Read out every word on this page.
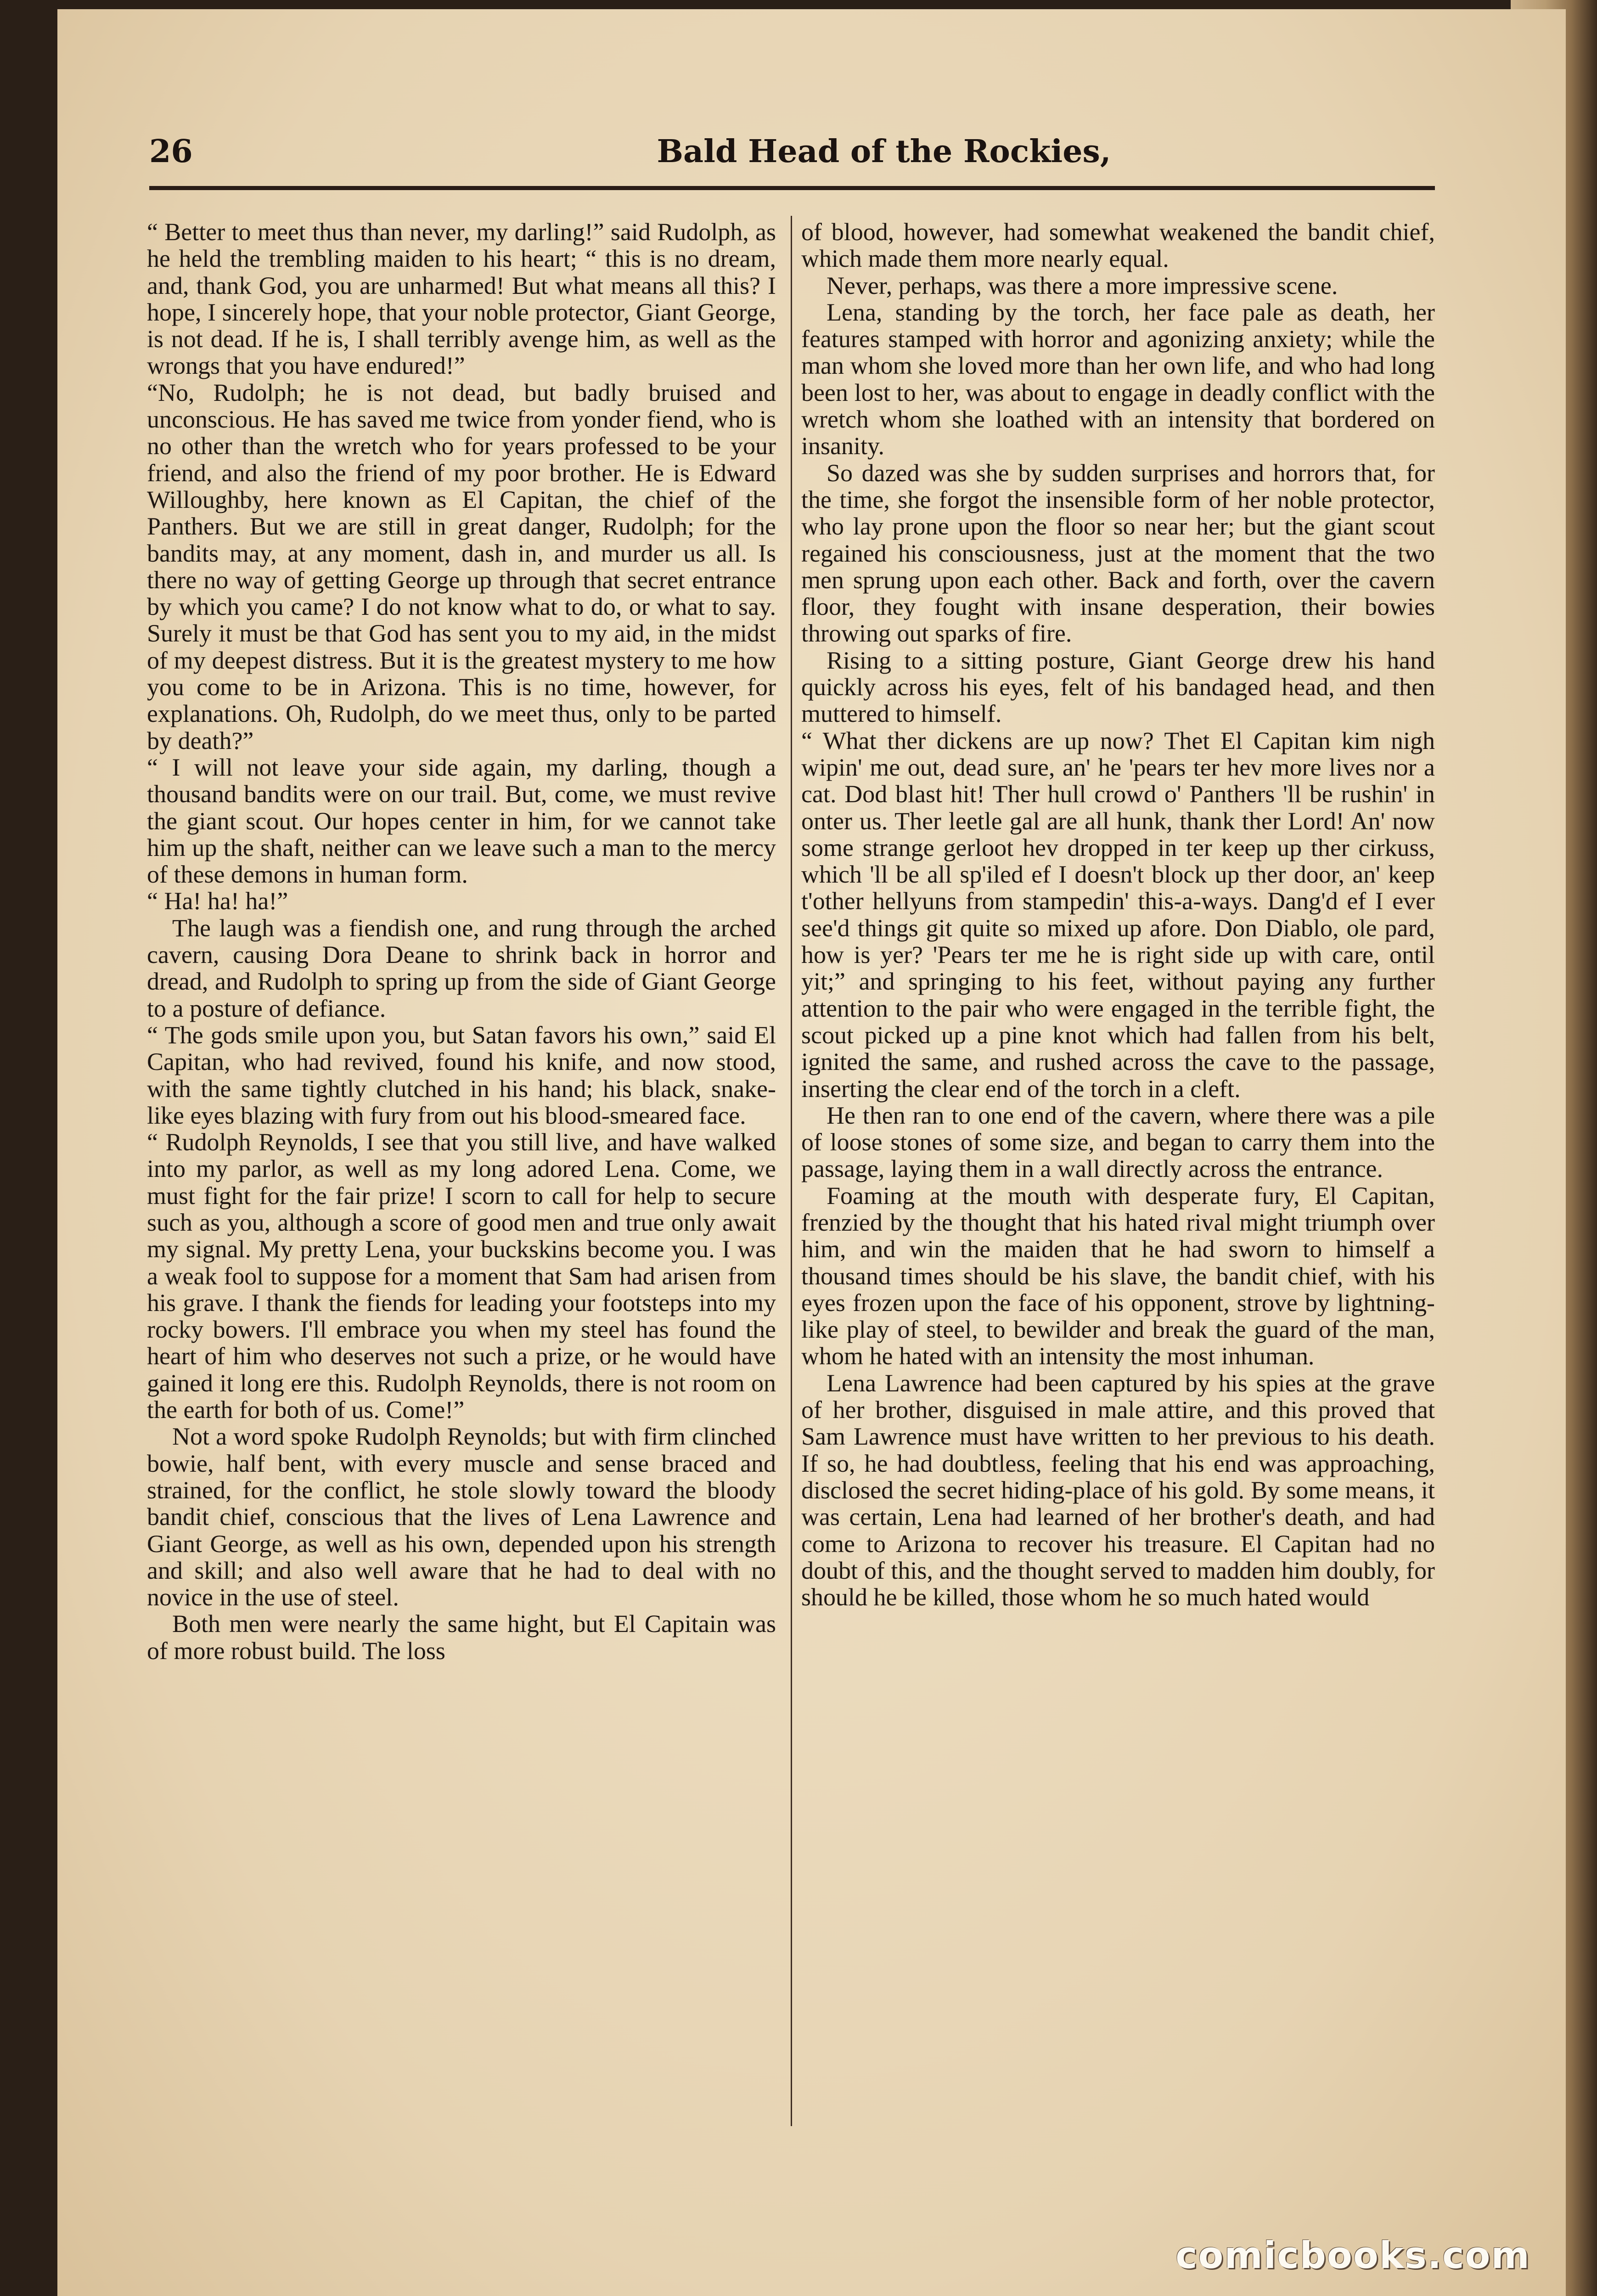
26	Bald Head of the Rockies,

“ Better to meet thus than never, my darling!” said Rudolph, as he held the trembling maiden to his heart; “ this is no dream, and, thank God, you are unharmed! But what means all this? I hope, I sincerely hope, that your noble protector, Giant George, is not dead. If he is, I shall terribly avenge him, as well as the wrongs that you have endured!”

“No, Rudolph; he is not dead, but badly bruised and unconscious. He has saved me twice from yonder fiend, who is no other than the wretch who for years professed to be your friend, and also the friend of my poor brother. He is Edward Willoughby, here known as El Capitan, the chief of the Panthers. But we are still in great danger, Rudolph; for the bandits may, at any moment, dash in, and murder us all. Is there no way of getting George up through that secret entrance by which you came? I do not know what to do, or what to say. Surely it must be that God has sent you to my aid, in the midst of my deepest distress. But it is the greatest mystery to me how you come to be in Arizona. This is no time, however, for explanations. Oh, Rudolph, do we meet thus, only to be parted by death?”

“ I will not leave your side again, my darling, though a thousand bandits were on our trail. But, come, we must revive the giant scout. Our hopes center in him, for we cannot take him up the shaft, neither can we leave such a man to the mercy of these demons in human form.

“ Ha! ha! ha!”

The laugh was a fiendish one, and rung through the arched cavern, causing Dora Deane to shrink back in horror and dread, and Rudolph to spring up from the side of Giant George to a posture of defiance.

“ The gods smile upon you, but Satan favors his own,” said El Capitan, who had revived, found his knife, and now stood, with the same tightly clutched in his hand; his black, snake-like eyes blazing with fury from out his blood-smeared face.

“ Rudolph Reynolds, I see that you still live, and have walked into my parlor, as well as my long adored Lena. Come, we must fight for the fair prize! I scorn to call for help to secure such as you, although a score of good men and true only await my signal. My pretty Lena, your buckskins become you. I was a weak fool to suppose for a moment that Sam had arisen from his grave. I thank the fiends for leading your footsteps into my rocky bowers. I'll embrace you when my steel has found the heart of him who deserves not such a prize, or he would have gained it long ere this. Rudolph Reynolds, there is not room on the earth for both of us. Come!”

Not a word spoke Rudolph Reynolds; but with firm clinched bowie, half bent, with every muscle and sense braced and strained, for the conflict, he stole slowly toward the bloody bandit chief, conscious that the lives of Lena Lawrence and Giant George, as well as his own, depended upon his strength and skill; and also well aware that he had to deal with no novice in the use of steel.

Both men were nearly the same hight, but El Capitain was of more robust build. The loss

of blood, however, had somewhat weakened the bandit chief, which made them more nearly equal.

Never, perhaps, was there a more impressive scene.

Lena, standing by the torch, her face pale as death, her features stamped with horror and agonizing anxiety; while the man whom she loved more than her own life, and who had long been lost to her, was about to engage in deadly conflict with the wretch whom she loathed with an intensity that bordered on insanity.

So dazed was she by sudden surprises and horrors that, for the time, she forgot the insensible form of her noble protector, who lay prone upon the floor so near her; but the giant scout regained his consciousness, just at the moment that the two men sprung upon each other. Back and forth, over the cavern floor, they fought with insane desperation, their bowies throwing out sparks of fire.

Rising to a sitting posture, Giant George drew his hand quickly across his eyes, felt of his bandaged head, and then muttered to himself.

“ What ther dickens are up now? Thet El Capitan kim nigh wipin' me out, dead sure, an' he 'pears ter hev more lives nor a cat. Dod blast hit! Ther hull crowd o' Panthers 'll be rushin' in onter us. Ther leetle gal are all hunk, thank ther Lord! An' now some strange gerloot hev dropped in ter keep up ther cirkuss, which 'll be all sp'iled ef I doesn't block up ther door, an' keep t'other hellyuns from stampedin' this-a-ways. Dang'd ef I ever see'd things git quite so mixed up afore. Don Diablo, ole pard, how is yer? 'Pears ter me he is right side up with care, ontil yit;” and springing to his feet, without paying any further attention to the pair who were engaged in the terrible fight, the scout picked up a pine knot which had fallen from his belt, ignited the same, and rushed across the cave to the passage, inserting the clear end of the torch in a cleft.

He then ran to one end of the cavern, where there was a pile of loose stones of some size, and began to carry them into the passage, laying them in a wall directly across the entrance.

Foaming at the mouth with desperate fury, El Capitan, frenzied by the thought that his hated rival might triumph over him, and win the maiden that he had sworn to himself a thousand times should be his slave, the bandit chief, with his eyes frozen upon the face of his opponent, strove by lightning-like play of steel, to bewilder and break the guard of the man, whom he hated with an intensity the most inhuman.

Lena Lawrence had been captured by his spies at the grave of her brother, disguised in male attire, and this proved that Sam Lawrence must have written to her previous to his death. If so, he had doubtless, feeling that his end was approaching, disclosed the secret hiding-place of his gold. By some means, it was certain, Lena had learned of her brother's death, and had come to Arizona to recover his treasure. El Capitan had no doubt of this, and the thought served to madden him doubly, for should he be killed, those whom he so much hated would

comicbooks.com
